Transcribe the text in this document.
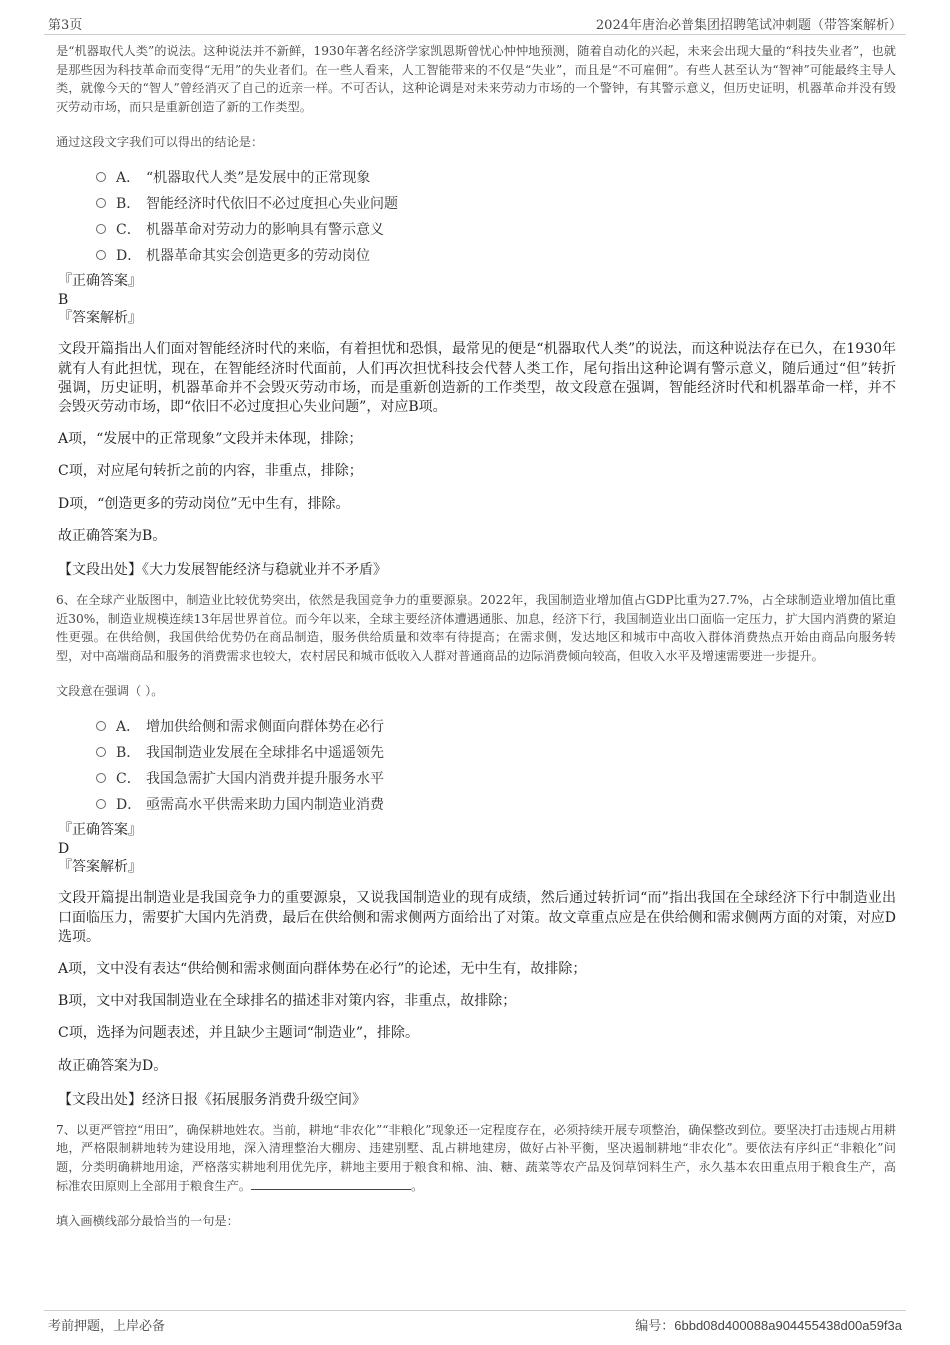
第3页	2024年唐治必普集团招聘笔试冲刺题（带答案解析）

是“机器取代人类”的说法。这种说法并不新鲜，1930年著名经济学家凯恩斯曾忧心忡忡地预测，随着自动化的兴起，未来会出现大量的“科技失业者”，也就是那些因为科技革命而变得“无用”的失业者们。在一些人看来，人工智能带来的不仅是“失业”，而且是“不可雇佣”。有些人甚至认为“智神”可能最终主导人类，就像今天的“智人”曾经消灭了自己的近亲一样。不可否认，这种论调是对未来劳动力市场的一个警钟，有其警示意义，但历史证明，机器革命并没有毁灭劳动市场，而只是重新创造了新的工作类型。

通过这段文字我们可以得出的结论是：

A． “机器取代人类”是发展中的正常现象
B． 智能经济时代依旧不必过度担心失业问题
C． 机器革命对劳动力的影响具有警示意义
D． 机器革命其实会创造更多的劳动岗位

『正确答案』

B

『答案解析』

文段开篇指出人们面对智能经济时代的来临，有着担忧和恐惧，最常见的便是“机器取代人类”的说法，而这种说法存在已久，在1930年就有人有此担忧，现在，在智能经济时代面前，人们再次担忧科技会代替人类工作，尾句指出这种论调有警示意义，随后通过“但”转折强调，历史证明，机器革命并不会毁灭劳动市场，而是重新创造新的工作类型，故文段意在强调，智能经济时代和机器革命一样，并不会毁灭劳动市场，即“依旧不必过度担心失业问题”，对应B项。

A项，“发展中的正常现象”文段并未体现，排除；

C项，对应尾句转折之前的内容，非重点，排除；

D项，“创造更多的劳动岗位”无中生有，排除。

故正确答案为B。

【文段出处】《大力发展智能经济与稳就业并不矛盾》

6、在全球产业版图中，制造业比较优势突出，依然是我国竞争力的重要源泉。2022年，我国制造业增加值占GDP比重为27.7%，占全球制造业增加值比重近30%，制造业规模连续13年居世界首位。而今年以来，全球主要经济体遭遇通胀、加息，经济下行，我国制造业出口面临一定压力，扩大国内消费的紧迫性更强。在供给侧，我国供给优势仍在商品制造，服务供给质量和效率有待提高；在需求侧，发达地区和城市中高收入群体消费热点开始由商品向服务转型，对中高端商品和服务的消费需求也较大，农村居民和城市低收入人群对普通商品的边际消费倾向较高，但收入水平及增速需要进一步提升。

文段意在强调（ ）。

A． 增加供给侧和需求侧面向群体势在必行
B． 我国制造业发展在全球排名中遥遥领先
C． 我国急需扩大国内消费并提升服务水平
D． 亟需高水平供需来助力国内制造业消费

『正确答案』

D

『答案解析』

文段开篇提出制造业是我国竞争力的重要源泉，又说我国制造业的现有成绩，然后通过转折词“而”指出我国在全球经济下行中制造业出口面临压力，需要扩大国内先消费，最后在供给侧和需求侧两方面给出了对策。故文章重点应是在供给侧和需求侧两方面的对策，对应D选项。

A项，文中没有表达“供给侧和需求侧面向群体势在必行”的论述，无中生有，故排除；

B项，文中对我国制造业在全球排名的描述非对策内容，非重点，故排除；

C项，选择为问题表述，并且缺少主题词“制造业”，排除。

故正确答案为D。

【文段出处】经济日报《拓展服务消费升级空间》

7、以更严管控“用田”，确保耕地姓农。当前，耕地“非农化”“非粮化”现象还一定程度存在，必须持续开展专项整治，确保整改到位。要坚决打击违规占用耕地，严格限制耕地转为建设用地，深入清理整治大棚房、违建别墅、乱占耕地建房，做好占补平衡，坚决遏制耕地“非农化”。要依法有序纠正“非粮化”问题，分类明确耕地用途，严格落实耕地利用优先序，耕地主要用于粮食和棉、油、糖、蔬菜等农产品及饲草饲料生产，永久基本农田重点用于粮食生产，高标准农田原则上全部用于粮食生产。	。

填入画横线部分最恰当的一句是：

考前押题，上岸必备	编号：6bbd08d400088a904455438d00a59f3a
